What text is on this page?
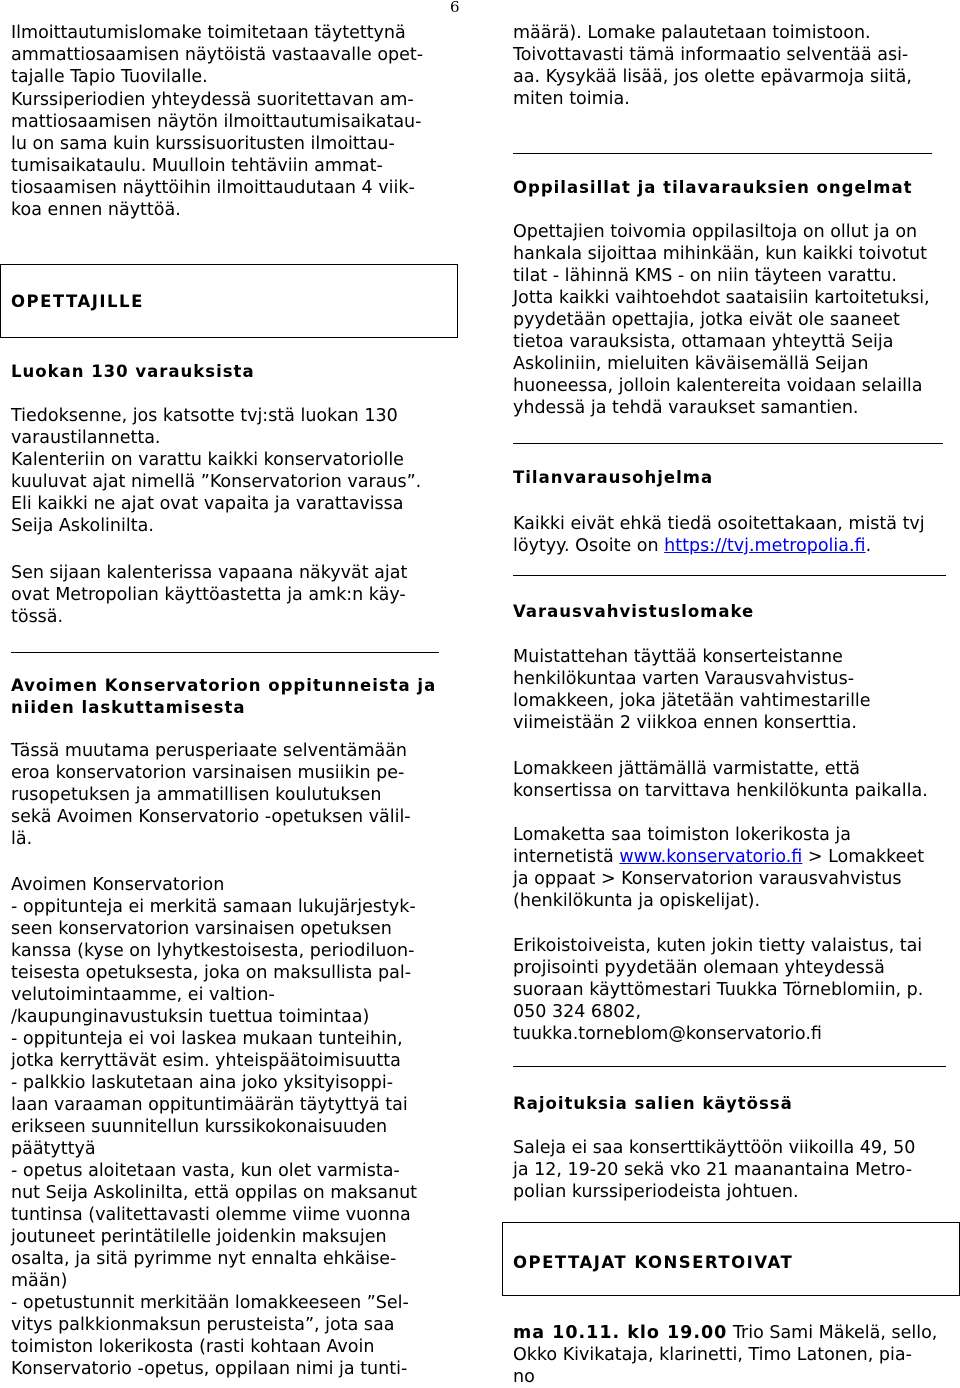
6
Ilmoittautumislomake toimitetaan täytettynä
ammattiosaamisen näytöistä vastaavalle opet-
tajalle Tapio Tuovilalle.
Kurssiperiodien yhteydessä suoritettavan am-
mattiosaamisen näytön ilmoittautumisaikatau-
lu on sama kuin kurssisuoritusten ilmoittau-
tumisaikataulu. Muulloin tehtäviin ammat-
tiosaamisen näyttöihin ilmoittaudutaan 4 viik-
koa ennen näyttöä.
OPETTAJILLE
Luokan 130 varauksista
Tiedoksenne, jos katsotte tvj:stä luokan 130
varaustilannetta.
Kalenteriin on varattu kaikki konservatoriolle
kuuluvat ajat nimellä ”Konservatorion varaus”.
Eli kaikki ne ajat ovat vapaita ja varattavissa
Seija Askolinilta.
Sen sijaan kalenterissa vapaana näkyvät ajat
ovat Metropolian käyttöastetta ja amk:n käy-
tössä.
Avoimen Konservatorion oppitunneista ja
niiden laskuttamisesta
Tässä muutama perusperiaate selventämään
eroa konservatorion varsinaisen musiikin pe-
rusopetuksen ja ammatillisen koulutuksen
sekä Avoimen Konservatorio -opetuksen välil-
lä.
Avoimen Konservatorion
- oppitunteja ei merkitä samaan lukujärjestyk-
seen konservatorion varsinaisen opetuksen
kanssa (kyse on lyhytkestoisesta, periodiluon-
teisesta opetuksesta, joka on maksullista pal-
velutoimintaamme, ei valtion-
/kaupunginavustuksin tuettua toimintaa)
- oppitunteja ei voi laskea mukaan tunteihin,
jotka kerryttävät esim. yhteispäätoimisuutta
- palkkio laskutetaan aina joko yksityisoppi-
laan varaaman oppituntimäärän täytyttyä tai
erikseen suunnitellun kurssikokonaisuuden
päätyttyä
- opetus aloitetaan vasta, kun olet varmista-
nut Seija Askolinilta, että oppilas on maksanut
tuntinsa (valitettavasti olemme viime vuonna
joutuneet perintätilelle joidenkin maksujen
osalta, ja sitä pyrimme nyt ennalta ehkäise-
mään)
- opetustunnit merkitään lomakkeeseen ”Sel-
vitys palkkionmaksun perusteista”, jota saa
toimiston lokerikosta (rasti kohtaan Avoin
Konservatorio -opetus, oppilaan nimi ja tunti-
määrä). Lomake palautetaan toimistoon.
Toivottavasti tämä informaatio selventää asi-
aa. Kysykää lisää, jos olette epävarmoja siitä,
miten toimia.
Oppilasillat ja tilavarauksien ongelmat
Opettajien toivomia oppilasiltoja on ollut ja on
hankala sijoittaa mihinkään, kun kaikki toivotut
tilat - lähinnä KMS - on niin täyteen varattu.
Jotta kaikki vaihtoehdot saataisiin kartoitetuksi,
pyydetään opettajia, jotka eivät ole saaneet
tietoa varauksista, ottamaan yhteyttä Seija
Askoliniin, mieluiten käväisemällä Seijan
huoneessa, jolloin kalentereita voidaan selailla
yhdessä ja tehdä varaukset samantien.
Tilanvarausohjelma
Kaikki eivät ehkä tiedä osoitettakaan, mistä tvj
löytyy. Osoite on https://tvj.metropolia.fi.
Varausvahvistuslomake
Muistattehan täyttää konserteistanne
henkilökuntaa varten Varausvahvistus-
lomakkeen, joka jätetään vahtimestarille
viimeistään 2 viikkoa ennen konserttia.
Lomakkeen jättämällä varmistatte, että
konsertissa on tarvittava henkilökunta paikalla.
Lomaketta saa toimiston lokerikosta ja
internetistä www.konservatorio.fi > Lomakkeet
ja oppaat > Konservatorion varausvahvistus
(henkilökunta ja opiskelijat).
Erikoistoiveista, kuten jokin tietty valaistus, tai
projisointi pyydetään olemaan yhteydessä
suoraan käyttömestari Tuukka Törneblomiin, p.
050 324 6802,
tuukka.torneblom@konservatorio.fi
Rajoituksia salien käytössä
Saleja ei saa konserttikäyttöön viikoilla 49, 50
ja 12, 19-20 sekä vko 21 maanantaina Metro-
polian kurssiperiodeista johtuen.
OPETTAJAT KONSERTOIVAT
ma 10.11. klo 19.00 Trio Sami Mäkelä, sello,
Okko Kivikataja, klarinetti, Timo Latonen, pia-
no
